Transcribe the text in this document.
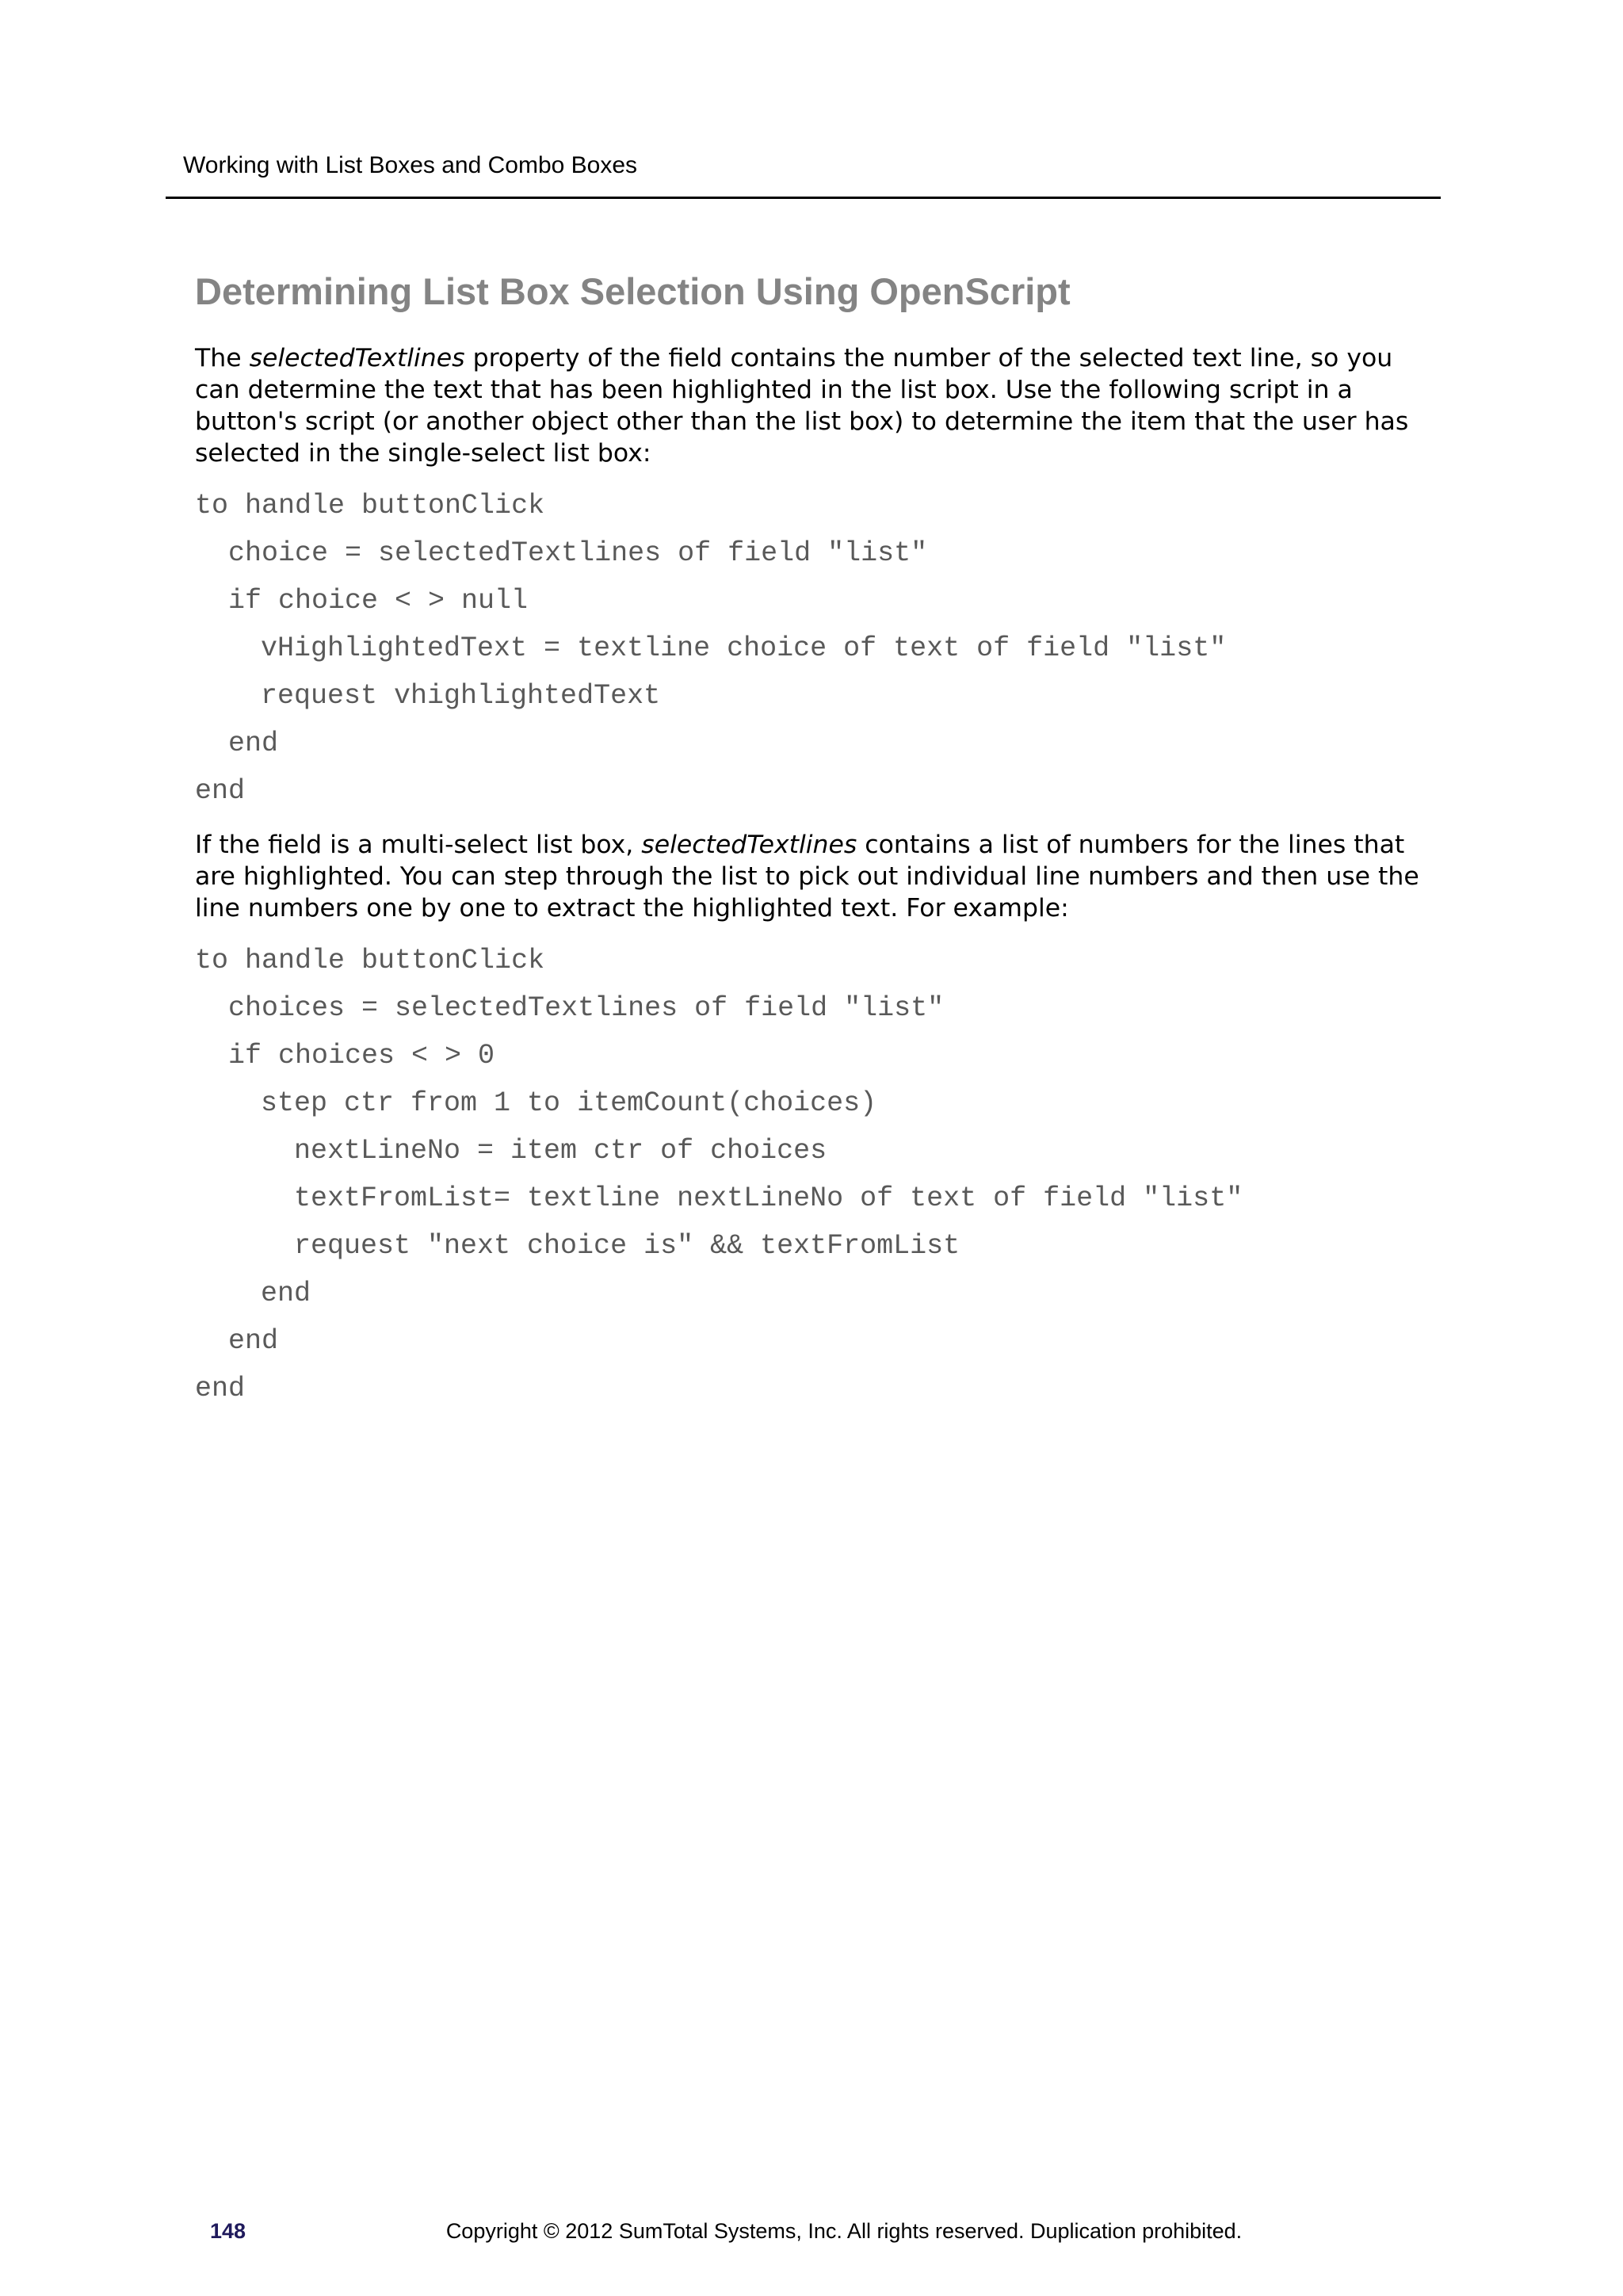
Working with List Boxes and Combo Boxes
Determining List Box Selection Using OpenScript

The selectedTextlines property of the field contains the number of the selected text line, so you can determine the text that has been highlighted in the list box. Use the following script in a button's script (or another object other than the list box) to determine the item that the user has selected in the single-select list box:

to handle buttonClick
choice = selectedTextlines of field "list"
if choice < > null
vHighlightedText = textline choice of text of field "list"
request vhighlightedText
end
end

If the field is a multi-select list box, selectedTextlines contains a list of numbers for the lines that are highlighted. You can step through the list to pick out individual line numbers and then use the line numbers one by one to extract the highlighted text. For example:

to handle buttonClick
choices = selectedTextlines of field "list"
if choices < > 0
step ctr from 1 to itemCount(choices)
nextLineNo = item ctr of choices
textFromList= textline nextLineNo of text of field "list"
request "next choice is" && textFromList
end
end
end
148	Copyright © 2012 SumTotal Systems, Inc. All rights reserved. Duplication prohibited.
